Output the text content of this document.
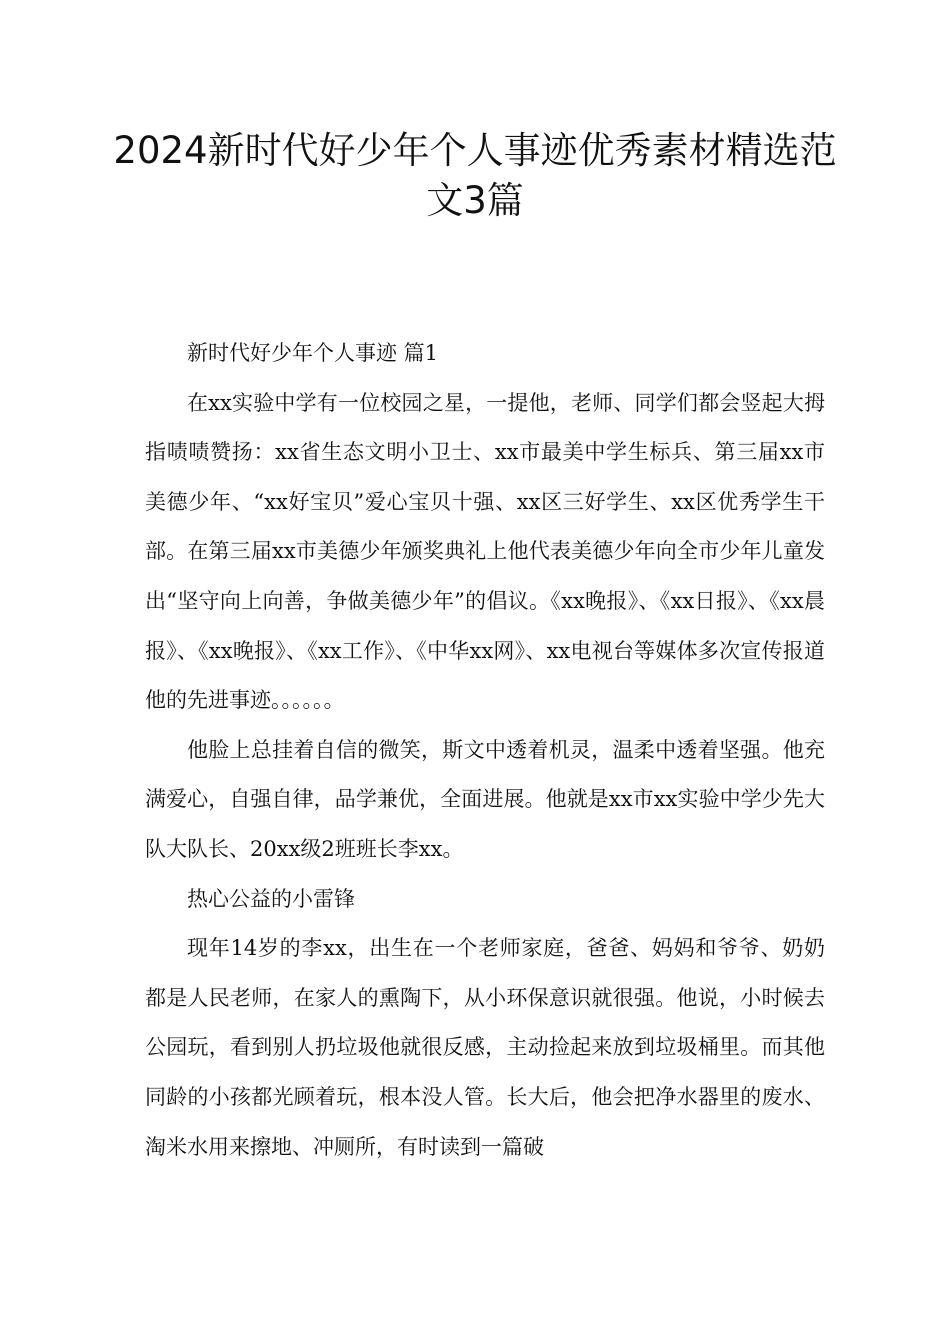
2024新时代好少年个人事迹优秀素材精选范文3篇

新时代好少年个人事迹 篇1

在xx实验中学有一位校园之星，一提他，老师、同学们都会竖起大拇指啧啧赞扬：xx省生态文明小卫士、xx市最美中学生标兵、第三届xx市美德少年、“xx好宝贝”爱心宝贝十强、xx区三好学生、xx区优秀学生干部。在第三届xx市美德少年颁奖典礼上他代表美德少年向全市少年儿童发出“坚守向上向善，争做美德少年”的倡议。《xx晚报》、《xx日报》、《xx晨报》、《xx晚报》、《xx工作》、《中华xx网》、xx电视台等媒体多次宣传报道他的先进事迹。。。。。。

他脸上总挂着自信的微笑，斯文中透着机灵，温柔中透着坚强。他充满爱心，自强自律，品学兼优，全面进展。他就是xx市xx实验中学少先大队大队长、20xx级2班班长李xx。

热心公益的小雷锋

现年14岁的李xx，出生在一个老师家庭，爸爸、妈妈和爷爷、奶奶都是人民老师，在家人的熏陶下，从小环保意识就很强。他说，小时候去公园玩，看到别人扔垃圾他就很反感，主动捡起来放到垃圾桶里。而其他同龄的小孩都光顾着玩，根本没人管。长大后，他会把净水器里的废水、淘米水用来擦地、冲厕所，有时读到一篇破
